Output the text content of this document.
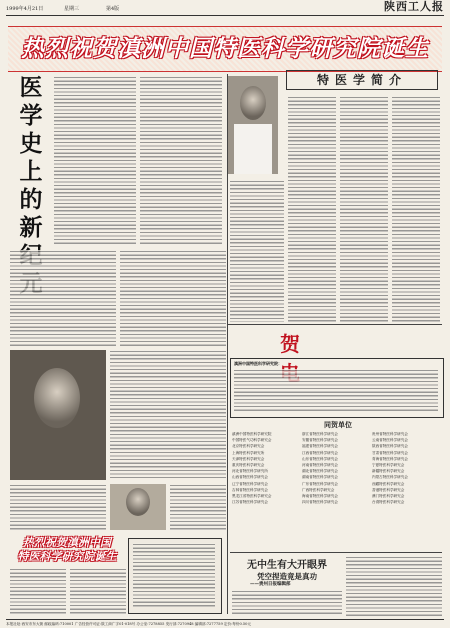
1999年4月21日	星期三	第4版	陕西工人报
热烈祝贺滇洲中国特医科学研究院诞生
医
学
史
上
的
新
特医学简介
贺
滇洲中国特医科学研究院：
同贺单位
滇洲中国特医科学研究院
中国特医气功科学研究会
北京特医科学研究会
上海特医科学研究所
天津特医科学研究会
重庆特医科学研究会
河北省特医科学研究所
山西省特医科学研究会
辽宁省特医科学研究会
吉林省特医科学研究会
黑龙江省特医科学研究会
江苏省特医科学研究会
浙江省特医科学研究会
安徽省特医科学研究会
福建省特医科学研究会
江西省特医科学研究会
山东省特医科学研究会
河南省特医科学研究会
湖北省特医科学研究会
湖南省特医科学研究会
广东省特医科学研究会
广西特医科学研究会
海南省特医科学研究会
四川省特医科学研究会
贵州省特医科学研究会
云南省特医科学研究会
陕西省特医科学研究会
甘肃省特医科学研究会
青海省特医科学研究会
宁夏特医科学研究会
新疆特医科学研究会
内蒙古特医科学研究会
西藏特医科学研究会
香港特医科学研究会
澳门特医科学研究会
台湾特医科学研究会
热烈祝贺滇洲中国
特医科学研究院诞生
无中生有大开眼界
凭空捏造竟是真功
——贵州日报编辑部
本报社址:西安市东大街 邮政编码:710001 广告经营许可证:陕工商广字01-018号 办公室:7278855 发行部:7270948 编辑部:7277759 定价:每份0.50元
